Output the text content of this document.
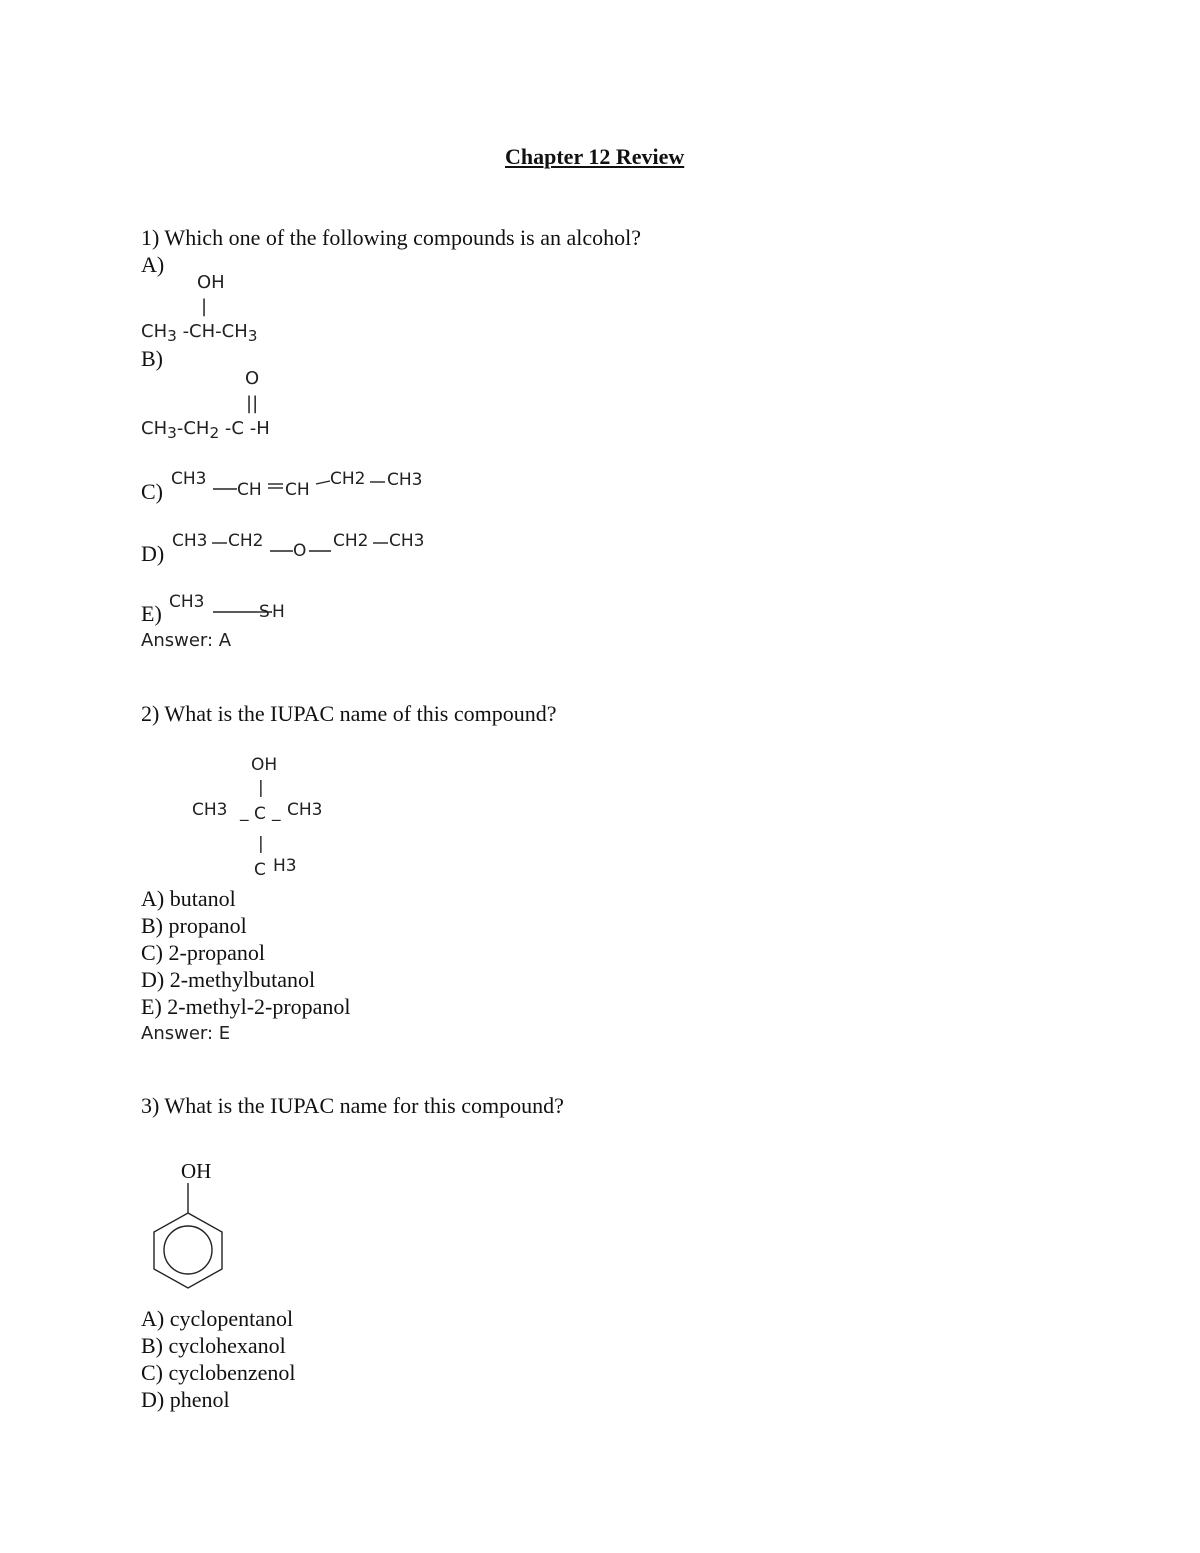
Chapter 12 Review
1) Which one of the following compounds is an alcohol?
A)
OH
|
CH3 -CH-CH3
B)
O
||
CH3-CH2 -C -H
C) CH3
CH CH
CH2 CH3
D) CH3 CH2 O CH2 CH3
E) CH3	S H
Answer: A
2) What is the IUPAC name of this compound?
OH
|
CH3 _ C _ CH3
|
C H3
A) butanol
B) propanol
C) 2-propanol
D) 2-methylbutanol
E) 2-methyl-2-propanol
Answer: E
3) What is the IUPAC name for this compound?
OH
A) cyclopentanol
B) cyclohexanol
C) cyclobenzenol
D) phenol
